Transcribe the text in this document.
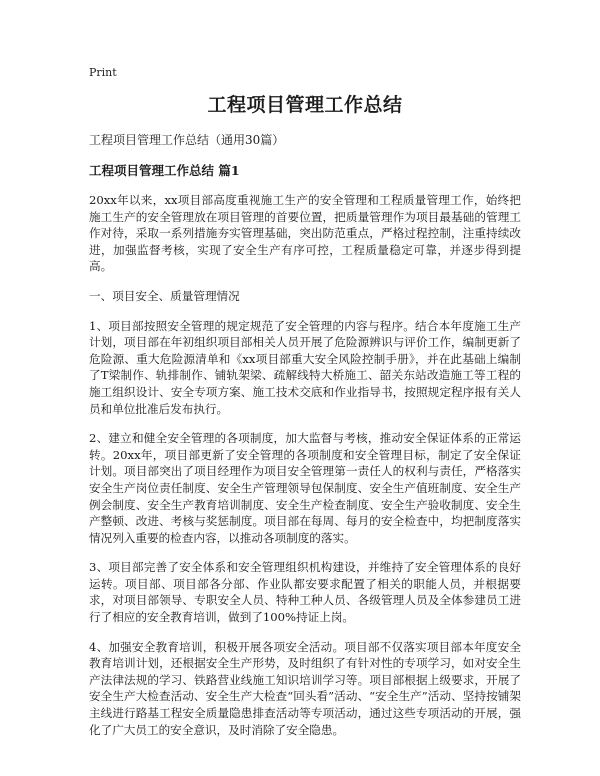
Print
工程项目管理工作总结
工程项目管理工作总结（通用30篇）
工程项目管理工作总结 篇1

20xx年以来，xx项目部高度重视施工生产的安全管理和工程质量管理工作，始终把施工生产的安全管理放在项目管理的首要位置，把质量管理作为项目最基础的管理工作对待，采取一系列措施夯实管理基础，突出防范重点，严格过程控制，注重持续改进，加强监督考核，实现了安全生产有序可控，工程质量稳定可靠，并逐步得到提高。

一、项目安全、质量管理情况

1、项目部按照安全管理的规定规范了安全管理的内容与程序。结合本年度施工生产计划，项目部在年初组织项目部相关人员开展了危险源辨识与评价工作，编制更新了危险源、重大危险源清单和《xx项目部重大安全风险控制手册》，并在此基础上编制了T梁制作、轨排制作、铺轨架梁、疏解线特大桥施工、韶关东站改造施工等工程的施工组织设计、安全专项方案、施工技术交底和作业指导书，按照规定程序报有关人员和单位批准后发布执行。

2、建立和健全安全管理的各项制度，加大监督与考核，推动安全保证体系的正常运转。20xx年，项目部更新了安全管理的各项制度和安全管理目标，制定了安全保证计划。项目部突出了项目经理作为项目安全管理第一责任人的权利与责任，严格落实安全生产岗位责任制度、安全生产管理领导包保制度、安全生产值班制度、安全生产例会制度、安全生产教育培训制度、安全生产检查制度、安全生产验收制度、安全生产整顿、改进、考核与奖惩制度。项目部在每周、每月的安全检查中，均把制度落实情况列入重要的检查内容，以推动各项制度的落实。

3、项目部完善了安全体系和安全管理组织机构建设，并维持了安全管理体系的良好运转。项目部、项目部各分部、作业队都安要求配置了相关的职能人员，并根据要求，对项目部领导、专职安全人员、特种工种人员、各级管理人员及全体参建员工进行了相应的安全教育培训，做到了100%持证上岗。

4、加强安全教育培训，积极开展各项安全活动。项目部不仅落实项目部本年度安全教育培训计划，还根据安全生产形势，及时组织了有针对性的专项学习，如对安全生产法律法规的学习、铁路营业线施工知识培训学习等。项目部根据上级要求，开展了安全生产大检查活动、安全生产大检查“回头看”活动、“安全生产”活动、坚持按铺架主线进行路基工程安全质量隐患排查活动等专项活动，通过这些专项活动的开展，强化了广大员工的安全意识，及时消除了安全隐患。
